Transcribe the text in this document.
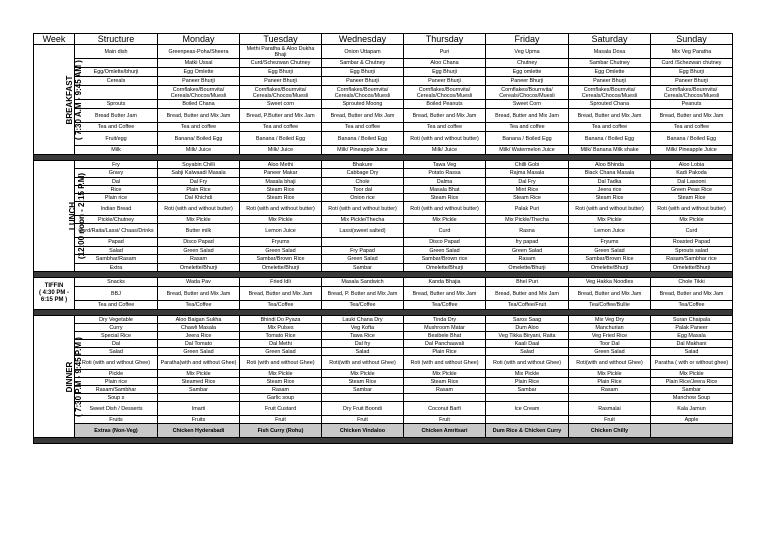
Week	Structure	Monday	Tuesday	Wednesday	Thursday	Friday	Saturday	Sunday

BREAKFAST ( 7:30 A.M - 9:45 AM )	Main dish	Greenpeas-Poha/Sheera	Methi Paratha & Aloo Dukha Bhaji	Onion Uttapam	Puri	Veg Upma	Masala Dosa	Mix Veg Paratha
		Matki Ussal	Curd/Schezwan Chutney	Sambar & Chutney	Aloo Chana	Chutney	Sambar Chutney	Curd /Schezwan chutney
	Egg/Omlette/bhurji	Egg Omlette	Egg Bhurji	Egg Bhurji	Egg Bhurji	Egg omlette	Egg Omlette	Egg Bhurji
	Cereals	Paneer Bhurji	Paneer Bhurji	Paneer Bhurji	Paneer Bhurji	Paneer Bhurji	Paneer Bhurji	Paneer Bhurji
		Cornflakes/Bournvita/ Cereals/Chocos/Muesli	Cornflakes/Bournvita/ Cereals/Chocos/Muesli	Cornflakes/Bournvita/ Cereals/Chocos/Muesli	Cornflakes/Bournvita/ Cereals/Chocos/Muesli	Cornflakes/Bournvita/ Cereals/Chocos/Muesli	Cornflakes/Bournvita/ Cereals/Chocos/Muesli	Cornflakes/Bournvita/ Cereals/Chocos/Muesli
	Sprouts	Boiled Chana	Sweet corn	Sprouted Moong	Boiled Peanuts	Sweet Corn	Sprouted Chana	Peanuts
	Bread Butter Jam	Bread, Butter and Mix Jam	Bread, P.Butter and Mix Jam	Bread, Butter and Mix Jam	Bread, Butter and Mix Jam	Bread, Butter and Mix Jam	Bread, Butter and Mix Jam	Bread, Butter and Mix Jam
	Tea and Coffee	Tea and coffee	Tea and coffee	Tea and coffee	Tea and coffee	Tea and coffee	Tea and coffee	Tea and coffee
	Fruit/egg	Banana/ Boiled Egg	Banana / Boiled Egg	Banana / Boiled Egg	Roti (with and without butter)	Banana / Boiled Egg	Banana / Boiled Egg	Banana / Boiled Egg
	Milk	Milk/ Juice	Milk/ Juice	Milk/ Pineapple Juice	Milk/ Juice	Milk/ Watermelon Juice	Milk/ Banana Milk shake	Milk/ Pineapple Juice

LUNCH (12:00 noon - 2:15 P.M)	Fry	Soyabin Chilli	Aloo Methi	Bhakure	Tawa Veg	Chilli Gobi	Aloo Bhinda	Aloo Lobia
	Gravy	Sabji Kalwaadi Masala	Paneer Makar	Cabbage Dry	Potato Rassa	Rajma Masala	Black Chana Masala	Kadi Pakoda
	Dal	Dal Fry	Masala bhaji	Chole	Dalma	Dal Fry	Dal Tadka	Dal Lasooni
	Rice	Plain Rice	Steam Rice	Toor dal	Masala Bhat	Mint Rice	Jeera rice	Green Peas Rice
	Plain rice	Dal Khichdi	Steam Rice	Onion rice	Steam Rice	Steam Rice	Steam Rice	Steam Rice
	Indian Bread	Roti (with and without butter)	Roti (with and without butter)	Roti (with and without butter)	Roti (with and without butter)	Palak Puri	Roti (with and without butter)	Roti (with and without butter)
	Pickle/Chutney	Mix Pickle	Mix Pickle	Mix Pickle/Thecha	Mix Pickle	Mix Pickle/Thecha	Mix Pickle	Mix Pickle
	Curd/Raita/Lassi/ Chaas/Drinks	Butter milk	Lemon Juice	Lassi(sweet salted)	Curd	Rasna	Lemon Juice	Curd
	Papad	Disco Papad	Fryums		Disco Papad	fry papad	Fryums	Roasted Papad
	Salad	Green Salad	Green Salad	Fry Papad	Green Salad	Green Salad	Green Salad	Sprouts salad
	Sambhar/Rasam	Rasam	Sambar/Brown Rice	Green Salad	Sambar/Brown rice	Rasam	Sambar/Brown Rice	Rasam/Sambhar rice
	Extra	Omelette/Bhurji	Omelette/Bhurji	Sambar	Omelette/Bhurji	Omelette/Bhurji	Omelette/Bhurji	Omelette/Bhurji

TIFFIN
( 4:30 PM -
6:15 PM )	Snacks	Wada Pav	Fried Idli	Masala Sandwich	Kanda Bhajia	Bhel Puri	Veg Hakka Noodles	Chole Tikki
	BBJ	Bread, Butter and Mix Jam	Bread, Butter and Mix Jam	Bread, P. Butter and Mix Jam	Bread, Butter and Mix Jam	Bread, Butter and Mix Jam	Bread, Butter and Mix Jam	Bread, Butter and Mix Jam
	Tea and Coffee	Tea/Coffee	Tea/Coffee	Tea/Coffee	Tea/Coffee	Tea/Coffee/Fruit	Tea/Coffee/Bullie	Tea/Coffee

DINNER ( 7:30 P.M - 9:45 P.M )	Dry Vegetable	Aloo Baigan Sukha	Bhindi Do Pyaza	Lauki Chana Dry	Tinda Dry	Saros Saag	Mix Veg Dry	Suran Chaipala
	Curry	Chawli Masala	Mix Pulses	Veg Kofta	Mushroom Matar	Dum Aloo	Manchurian	Palak Paneer
	Special Rice	Jeera Rice	Tomato Rice	Tawa Rice	Besibele Bhat	Veg Tikka Biryani, Raita	Veg Fried Rice	Egg Masala
	Dal	Dal Tomato	Dal Methi	Dal fry	Dal Panchaavali	Kaali Daal	Toor Dal	Dal Makhani
	Salad	Green Salad	Green Salad	Salad	Plain Rice	Salad	Green Salad	Salad
	Roti (with and without Ghee)	Paratha(with and without Ghee)	Roti (with and without Ghee)	Roti(with and without Ghee)	Roti (with and without Ghee)	Roti (with and without Ghee)	Roti(with and without Ghee)	Paratha ( with or without ghee)
	Pickle	Mix Pickle	Mix Pickle	Mix Pickle	Mix Pickle	Mix Pickle	Mix Pickle	Mix Pickle
	Plain rice	Steamed Rice	Steam Rice	Steam Rice	Steam Rice	Plain Rice	Plain Rice	Plain Rice/Jeera Rice
	Rasam/Sambhar	Sambar	Rasam	Sambar	Rasam	Sambar	Rasam	Sambar
	Soup s		Garlic soup					Manchow Soup
	Sweet Dish / Desserts	Imarti	Fruit Custard	Dry Fruit Boondi	Coconut Barfi	Ice Cream	Rasmalai	Kala Jamun
	Fruits	Fruits	Fruit	Fruit	Fruit		Fruit	Apple
	Extras (Non-Veg)	Chicken Hyderabadi	Fish Curry (Rohu)	Chicken Vindaloo	Chicken Amritsari	Dum Rice & Chicken Curry	Chicken Chilly	
